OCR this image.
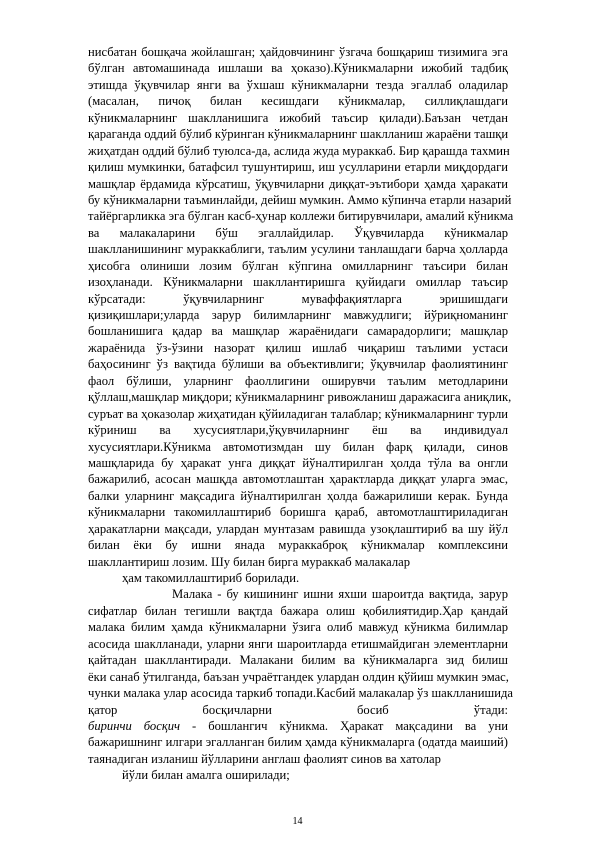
нисбатан бошқача жойлашган; ҳайдовчининг ўзгача бошқариш тизимига эга
бўлган автомашинада ишлаши ва ҳоказо).Кўникмаларни ижобий тадбиқ
этишда ўқувчилар янги ва ўхшаш кўникмаларни тезда эгаллаб оладилар
(масалан, пичоқ билан кесишдаги кўникмалар, силлиқлашдаги
кўникмаларнинг шаклланишига ижобий таъсир қилади).Баъзан четдан
қараганда оддий бўлиб кўринган кўникмаларнинг шаклланиш жараёни ташқи
жиҳатдан оддий бўлиб туюлса-да, аслида жуда мураккаб. Бир қарашда тахмин
қилиш мумкинки, батафсил тушунтириш, иш усулларини етарли миқдордаги
машқлар ёрдамида кўрсатиш, ўқувчиларни диққат-эътибори ҳамда ҳаракати
бу кўникмаларни таъминлайди, дейиш мумкин. Аммо кўпинча етарли назарий
тайёргарликка эга бўлган касб-ҳунар коллежи битирувчилари, амалий кўникма
ва малакаларини бўш эгаллайдилар. Ўқувчиларда кўникмалар
шаклланишининг мураккаблиги, таълим усулини танлашдаги барча ҳолларда
ҳисобга олиниши лозим бўлган кўпгина омилларнинг таъсири билан
изоҳланади. Кўникмаларни шакллантиришга қуйидаги омиллар таъсир
кўрсатади: ўқувчиларнинг муваффақиятларга эришишдаги
қизиқишлари;уларда зарур билимларнинг мавжудлиги; йўриқноманинг
бошланишига қадар ва машқлар жараёнидаги самарадорлиги; машқлар
жараёнида ўз-ўзини назорат қилиш ишлаб чиқариш таълими устаси
баҳосининг ўз вақтида бўлиши ва объективлиги; ўқувчилар фаолиятининг
фаол бўлиши, уларнинг фаоллигини оширувчи таълим методларини
қўллаш,машқлар миқдори; кўникмаларнинг ривожланиш даражасига аниқлик,
суръат ва ҳоказолар жиҳатидан қўйиладиган талаблар; кўникмаларнинг турли
кўриниш ва хусусиятлари,ўқувчиларнинг ёш ва индивидуал
хусусиятлари.Кўникма автомотизмдан шу билан фарқ қилади, синов
машқларида бу ҳаракат унга диққат йўналтирилган ҳолда тўла ва онгли
бажарилиб, асосан машқда автомотлаштан ҳарактларда диққат уларга эмас,
балки уларнинг мақсадига йўналтирилган ҳолда бажарилиши керак. Бунда
кўникмаларни такомиллаштириб боришга қараб, автомотлаштириладиган
ҳаракатларни мақсади, улардан мунтазам равишда узоқлаштириб ва шу йўл
билан ёки бу ишни янада мураккаброқ кўникмалар комплексини
шакллантириш лозим. Шу билан бирга мураккаб малакалар
ҳам такомиллаштириб борилади.
Малака - бу кишининг ишни яхши шароитда вақтида, зарур
сифатлар билан тегишли вақтда бажара олиш қобилиятидир.Ҳар қандай
малака билим ҳамда кўникмаларни ўзига олиб мавжуд кўникма билимлар
асосида шаклланади, уларни янги шароитларда етишмайдиган элементларни
қайтадан шакллантиради. Малакани билим ва кўникмаларга зид билиш
ёки санаб ўтилганда, баъзан учраётгандек улардан олдин қўйиш мумкин эмас,
чунки малака улар асосида таркиб топади.Касбий малакалар ўз шаклланишида
қатор босқичларни босиб ўтади:
биринчи босқич - бошлангич кўникма. Ҳаракат мақсадини ва уни
бажаришнинг илгари эгалланган билим ҳамда кўникмаларга (одатда маиший)
таянадиган изланиш йўлларини англаш фаолият синов ва хатолар
йўли билан амалга оширилади;
14
